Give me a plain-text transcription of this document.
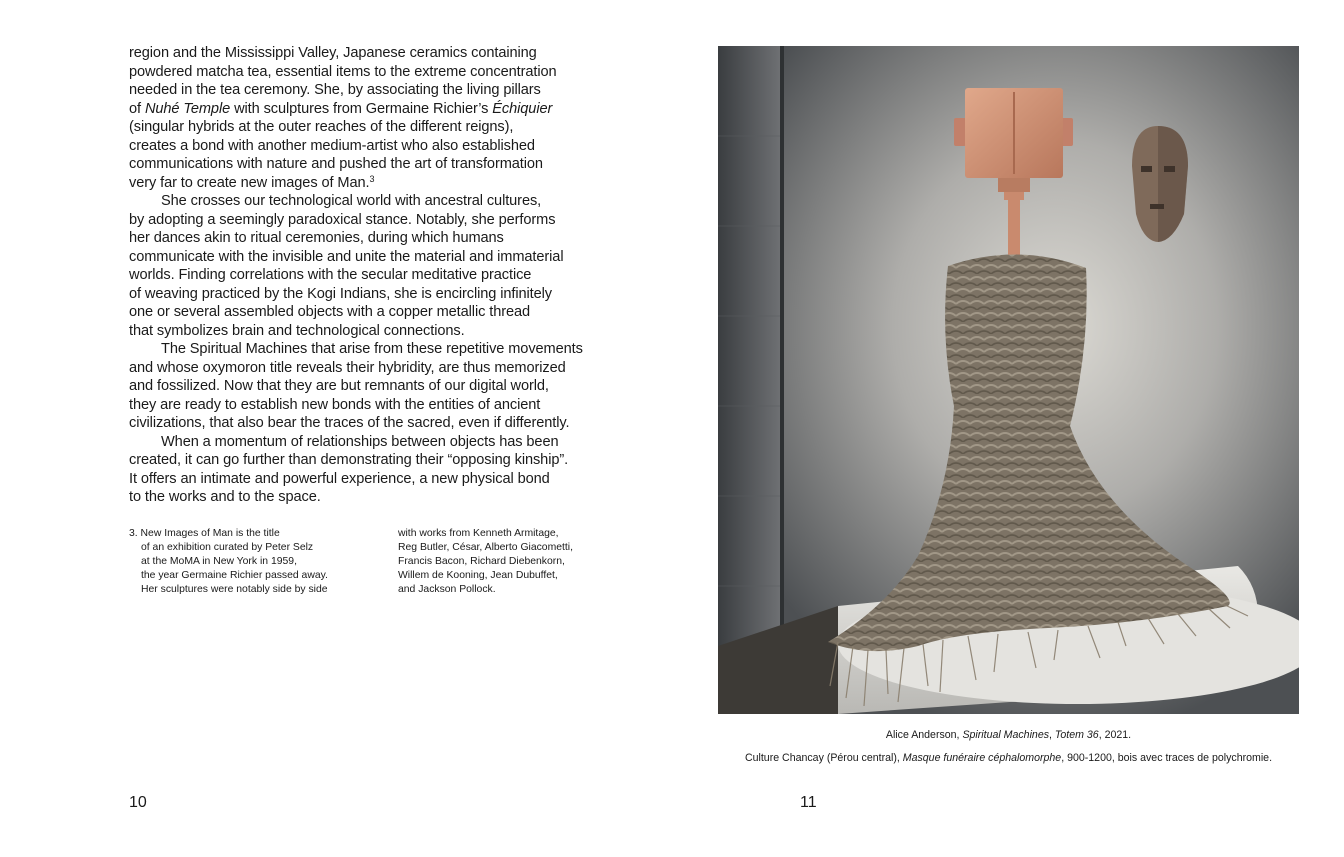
region and the Mississippi Valley, Japanese ceramics containing
powdered matcha tea, essential items to the extreme concentration
needed in the tea ceremony. She, by associating the living pillars
of Nuhé Temple with sculptures from Germaine Richier’s Échiquier
(singular hybrids at the outer reaches of the different reigns),
creates a bond with another medium-artist who also established
communications with nature and pushed the art of transformation
very far to create new images of Man.$^3$
She crosses our technological world with ancestral cultures,
by adopting a seemingly paradoxical stance. Notably, she performs
her dances akin to ritual ceremonies, during which humans
communicate with the invisible and unite the material and immaterial
worlds. Finding correlations with the secular meditative practice
of weaving practiced by the Kogi Indians, she is encircling infinitely
one or several assembled objects with a copper metallic thread
that symbolizes brain and technological connections.
The Spiritual Machines that arise from these repetitive movements
and whose oxymoron title reveals their hybridity, are thus memorized
and fossilized. Now that they are but remnants of our digital world,
they are ready to establish new bonds with the entities of ancient
civilizations, that also bear the traces of the sacred, even if differently.
When a momentum of relationships between objects has been
created, it can go further than demonstrating their “opposing kinship”.
It offers an intimate and powerful experience, a new physical bond
to the works and to the space.
3. New Images of Man is the title
of an exhibition curated by Peter Selz
at the MoMA in New York in 1959,
the year Germaine Richier passed away.
Her sculptures were notably side by side
with works from Kenneth Armitage,
Reg Butler, César, Alberto Giacometti,
Francis Bacon, Richard Diebenkorn,
Willem de Kooning, Jean Dubuffet,
and Jackson Pollock.
10
Alice Anderson, Spiritual Machines, Totem 36, 2021.
Culture Chancay (Pérou central), Masque funéraire céphalomorphe, 900-1200, bois avec traces de polychromie.
11
